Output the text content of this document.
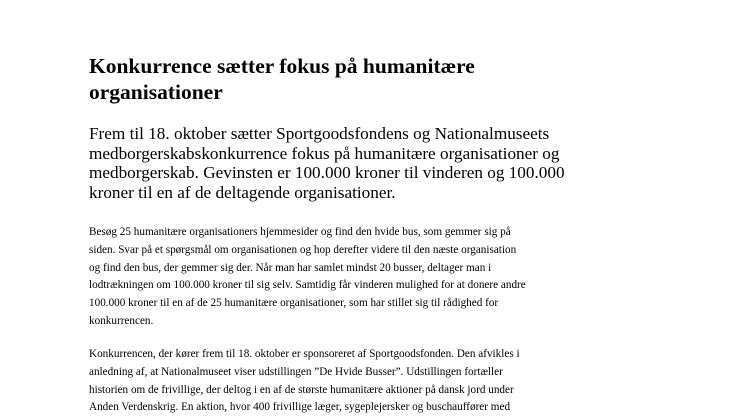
Konkurrence sætter fokus på humanitære
organisationer

Frem til 18. oktober sætter Sportgoodsfondens og Nationalmuseets
medborgerskabskonkurrence fokus på humanitære organisationer og
medborgerskab. Gevinsten er 100.000 kroner til vinderen og 100.000
kroner til en af de deltagende organisationer.

Besøg 25 humanitære organisationers hjemmesider og find den hvide bus, som gemmer sig på
siden. Svar på et spørgsmål om organisationen og hop derefter videre til den næste organisation
og find den bus, der gemmer sig der. Når man har samlet mindst 20 busser, deltager man i
lodtrækningen om 100.000 kroner til sig selv. Samtidig får vinderen mulighed for at donere andre
100.000 kroner til en af de 25 humanitære organisationer, som har stillet sig til rådighed for
konkurrencen.

Konkurrencen, der kører frem til 18. oktober er sponsoreret af Sportgoodsfonden. Den afvikles i
anledning af, at Nationalmuseet viser udstillingen ”De Hvide Busser”. Udstillingen fortæller
historien om de frivillige, der deltog i en af de største humanitære aktioner på dansk jord under
Anden Verdenskrig. En aktion, hvor 400 frivillige læger, sygeplejersker og buschauffører med
